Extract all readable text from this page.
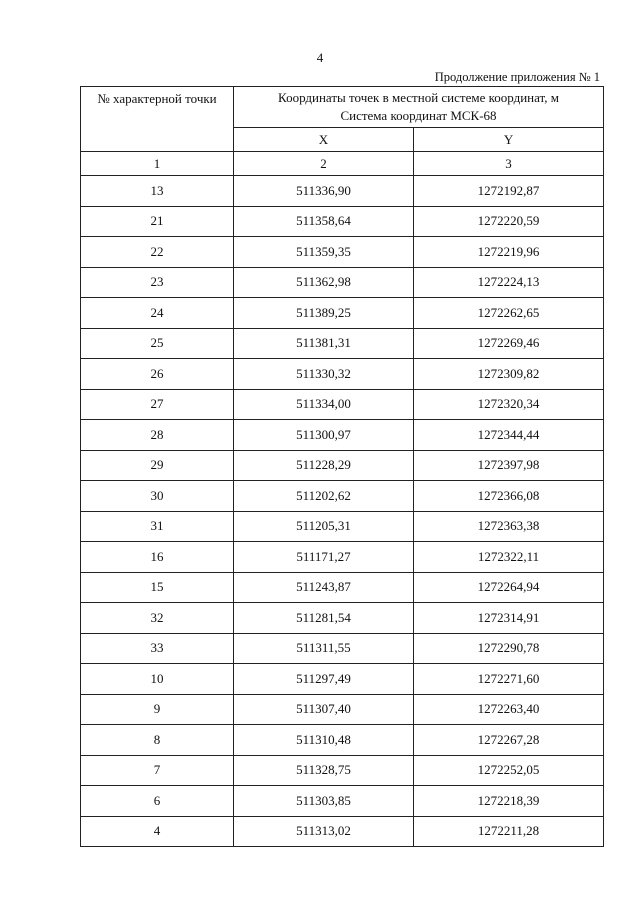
4
Продолжение приложения № 1
№ характерной точки	Координаты точек в местной системе координат, м
Система координат МСК-68	
	X	Y
1	2	3
13	511336,90	1272192,87
21	511358,64	1272220,59
22	511359,35	1272219,96
23	511362,98	1272224,13
24	511389,25	1272262,65
25	511381,31	1272269,46
26	511330,32	1272309,82
27	511334,00	1272320,34
28	511300,97	1272344,44
29	511228,29	1272397,98
30	511202,62	1272366,08
31	511205,31	1272363,38
16	511171,27	1272322,11
15	511243,87	1272264,94
32	511281,54	1272314,91
33	511311,55	1272290,78
10	511297,49	1272271,60
9	511307,40	1272263,40
8	511310,48	1272267,28
7	511328,75	1272252,05
6	511303,85	1272218,39
4	511313,02	1272211,28
